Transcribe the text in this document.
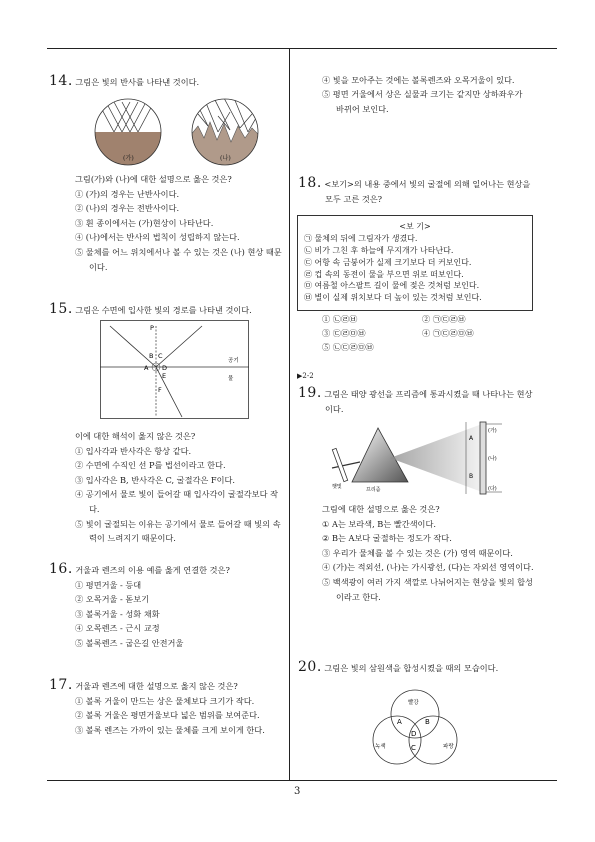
3
14. 그림은 빛의 반사를 나타낸 것이다.
(가)	(나)
그림(가)와 (나)에 대한 설명으로 옳은 것은?
① (가)의 경우는 난반사이다.
② (나)의 경우는 전반사이다.
③ 흰 종이에서는 (가)현상이 나타난다.
④ (나)에서는 반사의 법칙이 성립하지 않는다.
⑤ 물체를 어느 위치에서나 볼 수 있는 것은 (나) 현상 때문이다.
15. 그림은 수면에 입사한 빛의 경로를 나타낸 것이다.
P
B C
A D
E
F
공기
물
이에 대한 해석이 옳지 않은 것은?
① 입사각과 반사각은 항상 같다.
② 수면에 수직인 선 P를 법선이라고 한다.
③ 입사각은 B, 반사각은 C, 굴절각은 F이다.
④ 공기에서 물로 빛이 들어갈 때 입사각이 굴절각보다 작다.
⑤ 빛이 굴절되는 이유는 공기에서 물로 들어갈 때 빛의 속력이 느려지기 때문이다.
16. 거울과 렌즈의 이용 예를 옳게 연결한 것은?
① 평면거울 - 등대
② 오목거울 - 돋보기
③ 볼록거울 - 성화 채화
④ 오목렌즈 - 근시 교정
⑤ 볼록렌즈 - 굽은길 안전거울
17. 거울과 렌즈에 대한 설명으로 옳지 않은 것은?
① 볼록 거울이 만드는 상은 물체보다 크기가 작다.
② 볼록 거울은 평면거울보다 넓은 범위를 보여준다.
③ 볼록 렌즈는 가까이 있는 물체를 크게 보이게 한다.
④ 빛을 모아주는 것에는 볼록렌즈와 오목거울이 있다.
⑤ 평면 거울에서 상은 실물과 크기는 같지만 상하좌우가 바뀌어 보인다.
18. <보기>의 내용 중에서 빛의 굴절에 의해 일어나는 현상을 모두 고른 것은?
<보 기>
㉠ 물체의 뒤에 그림자가 생겼다.
㉡ 비가 그친 후 하늘에 무지개가 나타난다.
㉢ 어항 속 금붕어가 실제 크기보다 더 커보인다.
㉣ 컵 속의 동전이 물을 부으면 위로 떠보인다.
㉤ 여름철 아스팔트 길이 물에 젖은 것처럼 보인다.
㉥ 별이 실제 위치보다 더 높이 있는 것처럼 보인다.
① ㉡㉣㉥	② ㉠㉢㉣㉥
③ ㉢㉣㉤㉥	④ ㉠㉢㉣㉤㉥
⑤ ㉡㉢㉣㉤㉥
▶2-2
19. 그림은 태양 광선을 프리즘에 통과시켰을 때 나타나는 현상이다.
A
B
(가)
(나)
(다)
햇빛	프리즘
그림에 대한 설명으로 옳은 것은?
① A는 보라색, B는 빨간색이다.
② B는 A보다 굴절하는 정도가 작다.
③ 우리가 물체를 볼 수 있는 것은 (가) 영역 때문이다.
④ (가)는 적외선, (나)는 가시광선, (다)는 자외선 영역이다.
⑤ 백색광이 여러 가지 색깔로 나뉘어지는 현상을 빛의 합성이라고 한다.
20. 그림은 빛의 삼원색을 합성시켰을 때의 모습이다.
빨강
녹색	파랑
A	B
D
C
